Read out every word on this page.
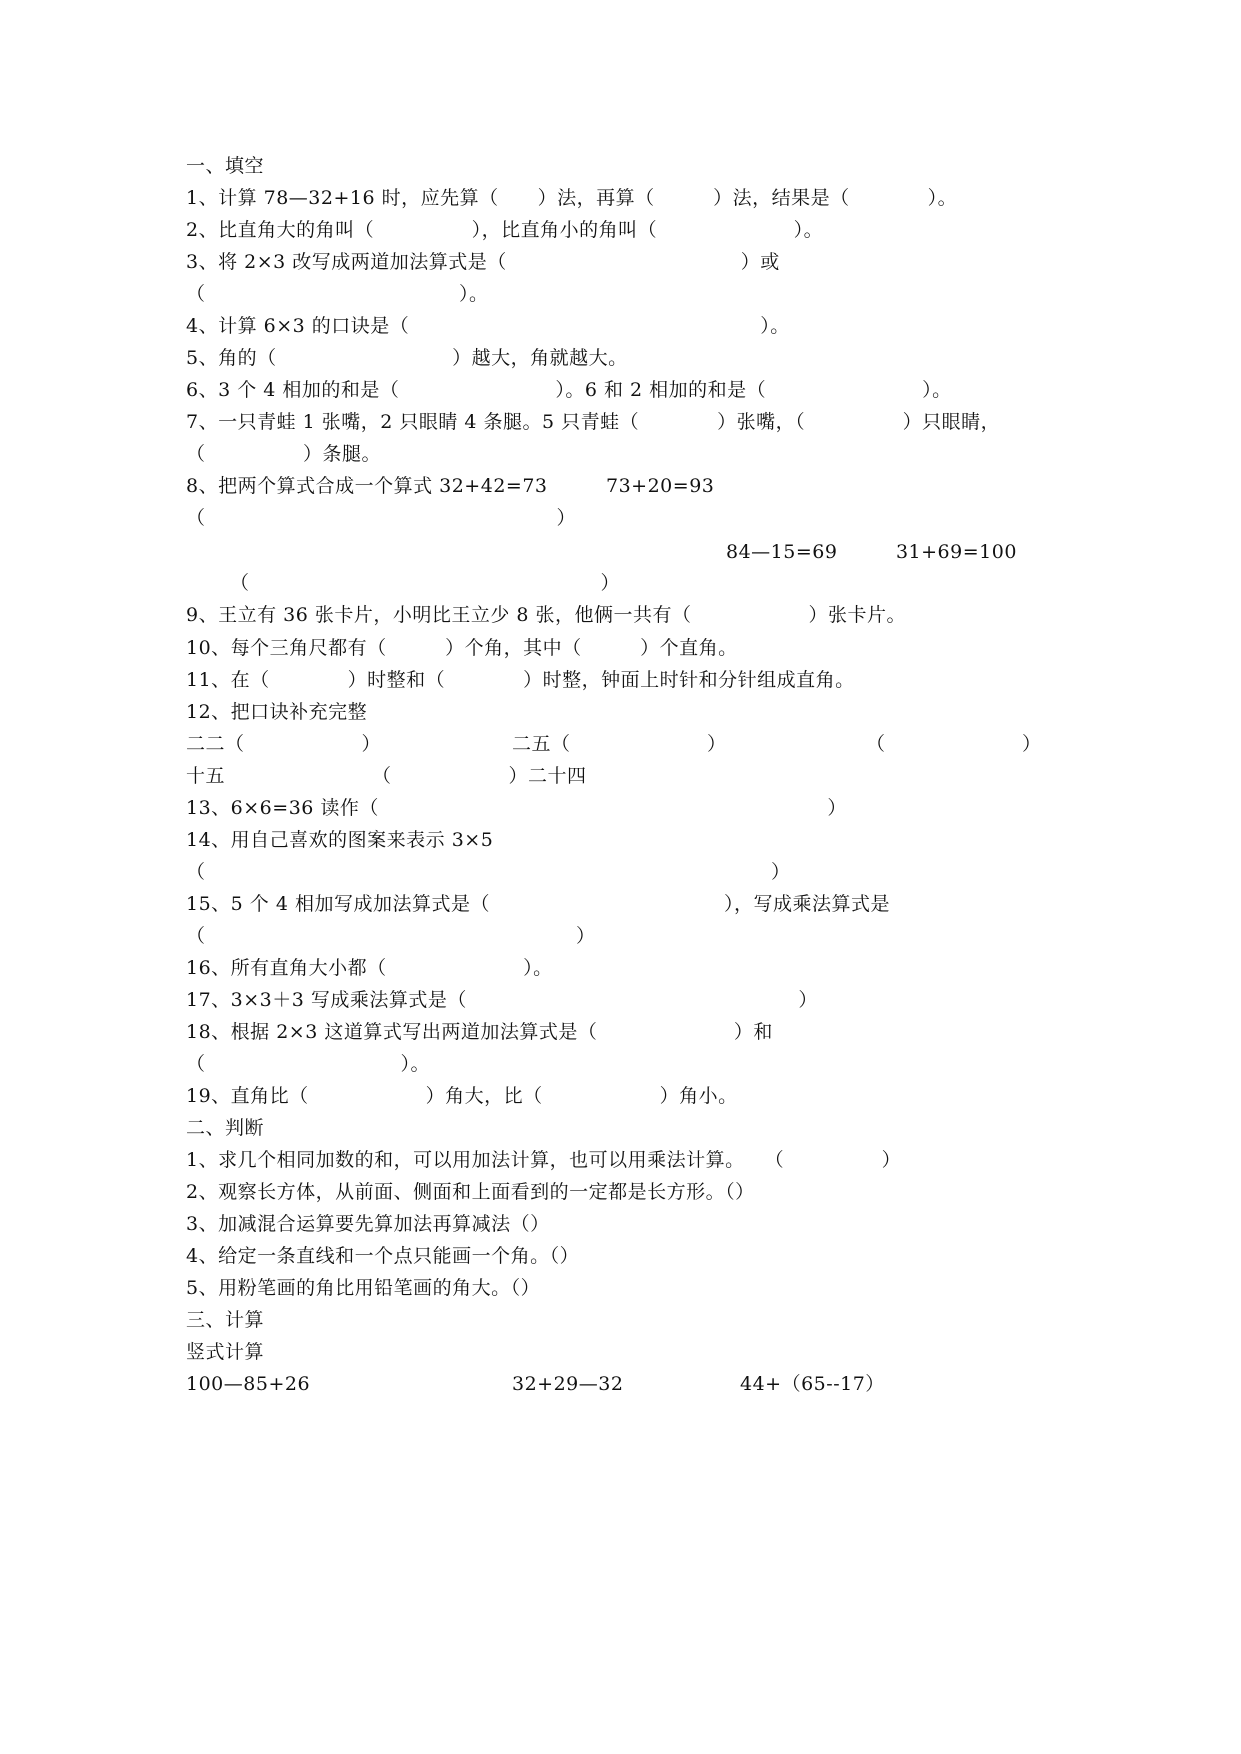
一、填空
1、计算 78—32+16 时，应先算（　　）法，再算（　　　）法，结果是（　　　　）。
2、比直角大的角叫（　　　　　），比直角小的角叫（　　　　　　　）。
3、将 2×3 改写成两道加法算式是（　　　　　　　　　　　　）或
（　　　　　　　　　　　　　）。
4、计算 6×3 的口诀是（　　　　　　　　　　　　　　　　　　）。
5、角的（　　　　　　　　　）越大，角就越大。
6、3 个 4 相加的和是（　　　　　　　　）。6 和 2 相加的和是（　　　　　　　　）。
7、一只青蛙 1 张嘴，2 只眼睛 4 条腿。5 只青蛙（　　　　）张嘴，（　　　　　）只眼睛，
（　　　　　）条腿。
8、把两个算式合成一个算式 32+42=73　　　73+20=93
（　　　　　　　　　　　　　　　　　　）
84—15=69　　　31+69=100
（　　　　　　　　　　　　　　　　　　）
9、王立有 36 张卡片，小明比王立少 8 张，他俩一共有（　　　　　　）张卡片。
10、每个三角尺都有（　　　）个角，其中（　　　）个直角。
11、在（　　　　）时整和（　　　　）时整，钟面上时针和分针组成直角。
12、把口诀补充完整
二二（　　　　　　）	二五（　　　　　　　）	（　　　　　　　）
十五	（　　　　　　）二十四
13、6×6=36 读作（　　　　　　　　　　　　　　　　　　　　　　　）
14、用自己喜欢的图案来表示 3×5
（　　　　　　　　　　　　　　　　　　　　　　　　　　　　　）
15、5 个 4 相加写成加法算式是（　　　　　　　　　　　　），写成乘法算式是
（　　　　　　　　　　　　　　　　　　　）
16、所有直角大小都（　　　　　　　）。
17、3×3＋3 写成乘法算式是（　　　　　　　　　　　　　　　　　）
18、根据 2×3 这道算式写出两道加法算式是（　　　　　　　）和
（　　　　　　　　　　）。
19、直角比（　　　　　　）角大，比（　　　　　　）角小。
二、判断
1、求几个相同加数的和，可以用加法计算，也可以用乘法计算。　　（　　　　　）
2、观察长方体，从前面、侧面和上面看到的一定都是长方形。（）
3、加减混合运算要先算加法再算减法（）
4、给定一条直线和一个点只能画一个角。（）
5、用粉笔画的角比用铅笔画的角大。（）
三、计算
竖式计算
100—85+26	32+29—32	44+（65--17）
